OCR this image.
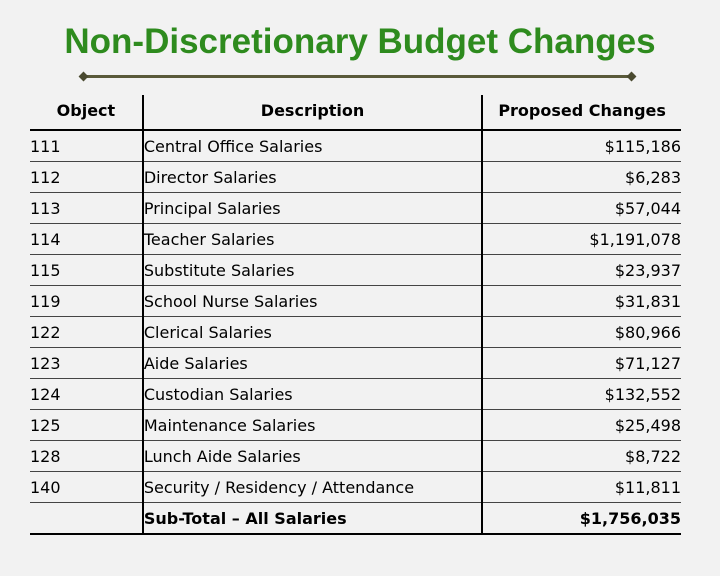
Non-Discretionary Budget Changes
Object	Description	Proposed Changes
111	Central Office Salaries	$115,186
112	Director Salaries	$6,283
113	Principal Salaries	$57,044
114	Teacher Salaries	$1,191,078
115	Substitute Salaries	$23,937
119	School Nurse Salaries	$31,831
122	Clerical Salaries	$80,966
123	Aide Salaries	$71,127
124	Custodian Salaries	$132,552
125	Maintenance Salaries	$25,498
128	Lunch Aide Salaries	$8,722
140	Security / Residency / Attendance	$11,811
	Sub-Total – All Salaries	$1,756,035
